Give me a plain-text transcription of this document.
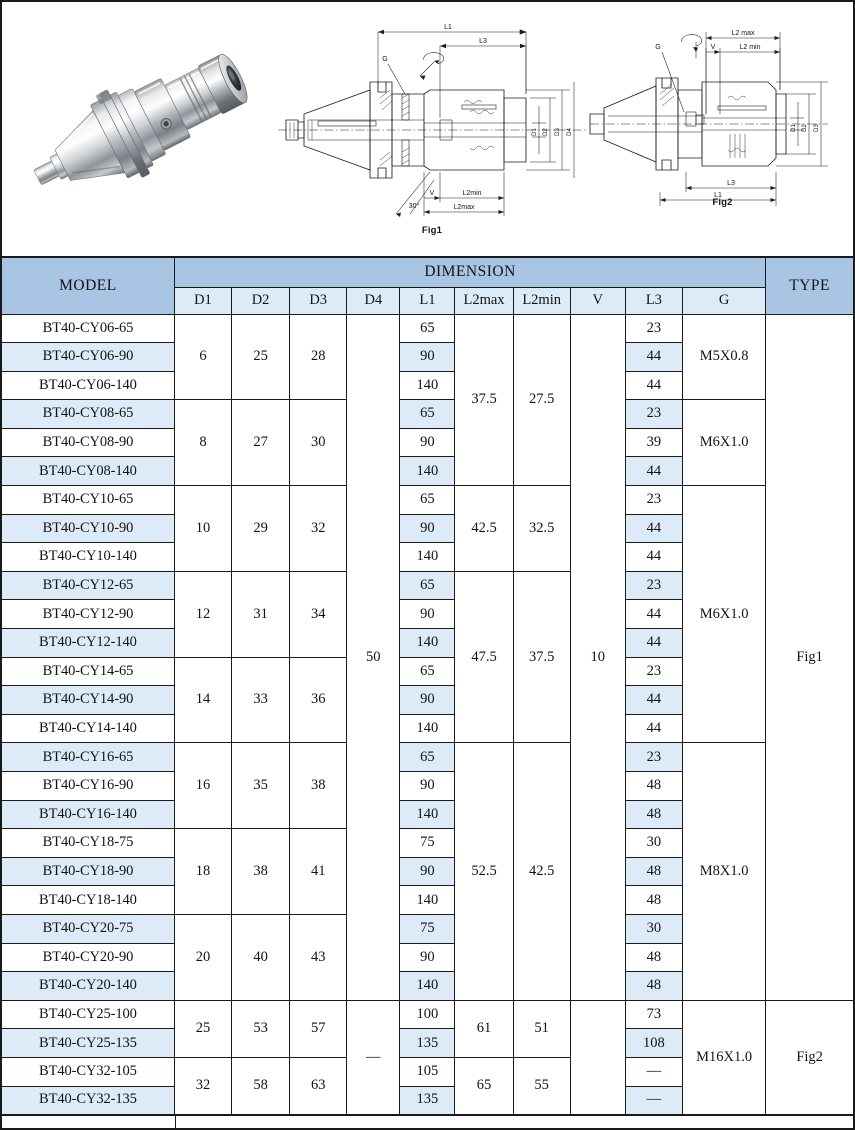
L1
L3
G
D1 D2 D3 D4
V	L2min
L2max
30°
Fig1
G
L2 max
V	L2 min
D1 D2 D3
L3
L1
Fig2
MODEL	DIMENSION										TYPE
	D1	D2	D3	D4	L1	L2max	L2min	V	L3	G	
BT40-CY06-65	6	25	28	50	65	37.5	27.5	10	23	M5X0.8	Fig1
BT40-CY06-90					90				44		
BT40-CY06-140					140				44		
BT40-CY08-65	8	27	30		65				23	M6X1.0	
BT40-CY08-90					90				39		
BT40-CY08-140					140				44		
BT40-CY10-65	10	29	32		65	42.5	32.5		23	M6X1.0	
BT40-CY10-90					90				44		
BT40-CY10-140					140				44		
BT40-CY12-65	12	31	34		65	47.5	37.5		23		
BT40-CY12-90					90				44		
BT40-CY12-140					140				44		
BT40-CY14-65	14	33	36		65				23		
BT40-CY14-90					90				44		
BT40-CY14-140					140				44		
BT40-CY16-65	16	35	38		65	52.5	42.5		23	M8X1.0	
BT40-CY16-90					90				48		
BT40-CY16-140					140				48		
BT40-CY18-75	18	38	41		75				30		
BT40-CY18-90					90				48		
BT40-CY18-140					140				48		
BT40-CY20-75	20	40	43		75				30		
BT40-CY20-90					90				48		
BT40-CY20-140					140				48		
BT40-CY25-100	25	53	57	—	100	61	51		73	M16X1.0	Fig2
BT40-CY25-135					135				108		
BT40-CY32-105	32	58	63		105	65	55		—		
BT40-CY32-135					135				—		
